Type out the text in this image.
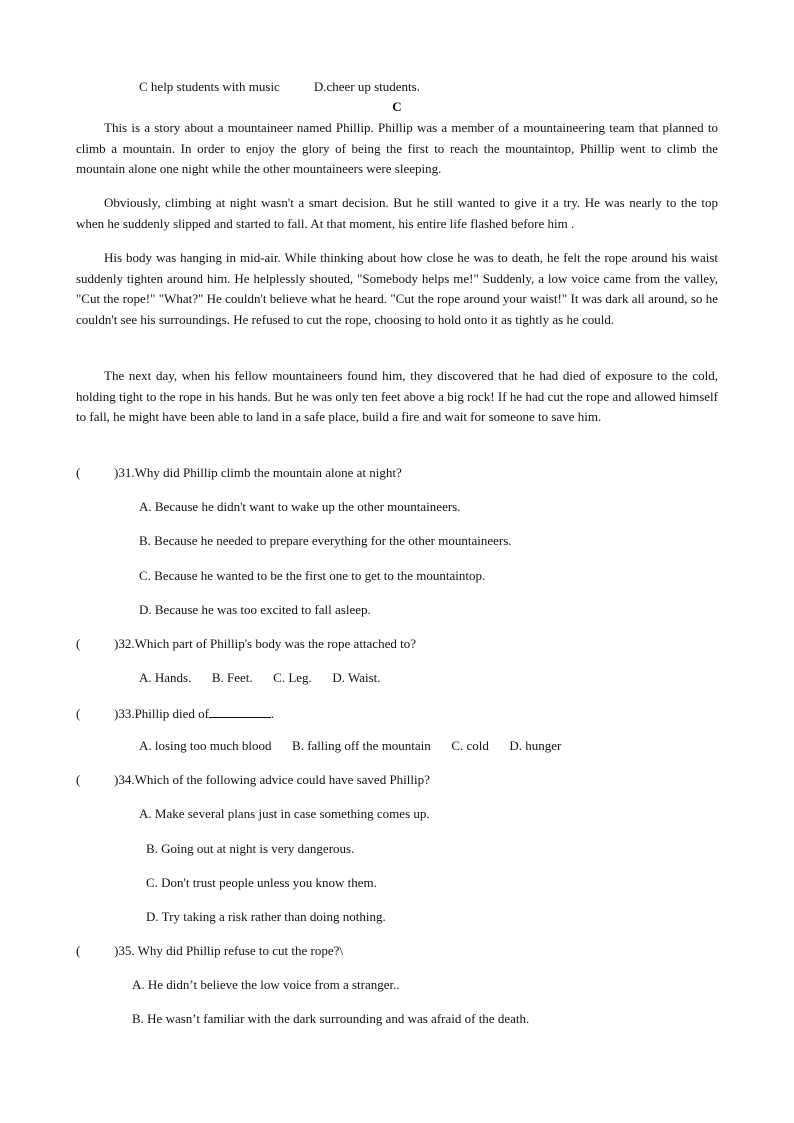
C help students with music	D.cheer up students.
C

This is a story about a mountaineer named Phillip. Phillip was a member of a mountaineering team that planned to climb a mountain. In order to enjoy the glory of being the first to reach the mountaintop, Phillip went to climb the mountain alone one night while the other mountaineers were sleeping.

Obviously, climbing at night wasn't a smart decision. But he still wanted to give it a try. He was nearly to the top when he suddenly slipped and started to fall. At that moment, his entire life flashed before him .

His body was hanging in mid-air. While thinking about how close he was to death, he felt the rope around his waist suddenly tighten around him. He helplessly shouted, "Somebody helps me!" Suddenly, a low voice came from the valley, "Cut the rope!" "What?" He couldn't believe what he heard. "Cut the rope around your waist!" It was dark all around, so he couldn't see his surroundings. He refused to cut the rope, choosing to hold onto it as tightly as he could.

The next day, when his fellow mountaineers found him, they discovered that he had died of exposure to the cold, holding tight to the rope in his hands. But he was only ten feet above a big rock! If he had cut the rope and allowed himself to fall, he might have been able to land in a safe place, build a fire and wait for someone to save him.

(	)31.Why did Phillip climb the mountain alone at night?
A. Because he didn't want to wake up the other mountaineers.
B. Because he needed to prepare everything for the other mountaineers.
C. Because he wanted to be the first one to get to the mountaintop.
D. Because he was too excited to fall asleep.
(	)32.Which part of Phillip's body was the rope attached to?
A. Hands. B. Feet. C. Leg. D. Waist.
(	)33.Phillip died of	.
A. losing too much blood B. falling off the mountain C. cold D. hunger
(	)34.Which of the following advice could have saved Phillip?
A. Make several plans just in case something comes up.
B. Going out at night is very dangerous.
C. Don't trust people unless you know them.
D. Try taking a risk rather than doing nothing.
(	)35. Why did Phillip refuse to cut the rope?\
A. He didn’t believe the low voice from a stranger..
B. He wasn’t familiar with the dark surrounding and was afraid of the death.
